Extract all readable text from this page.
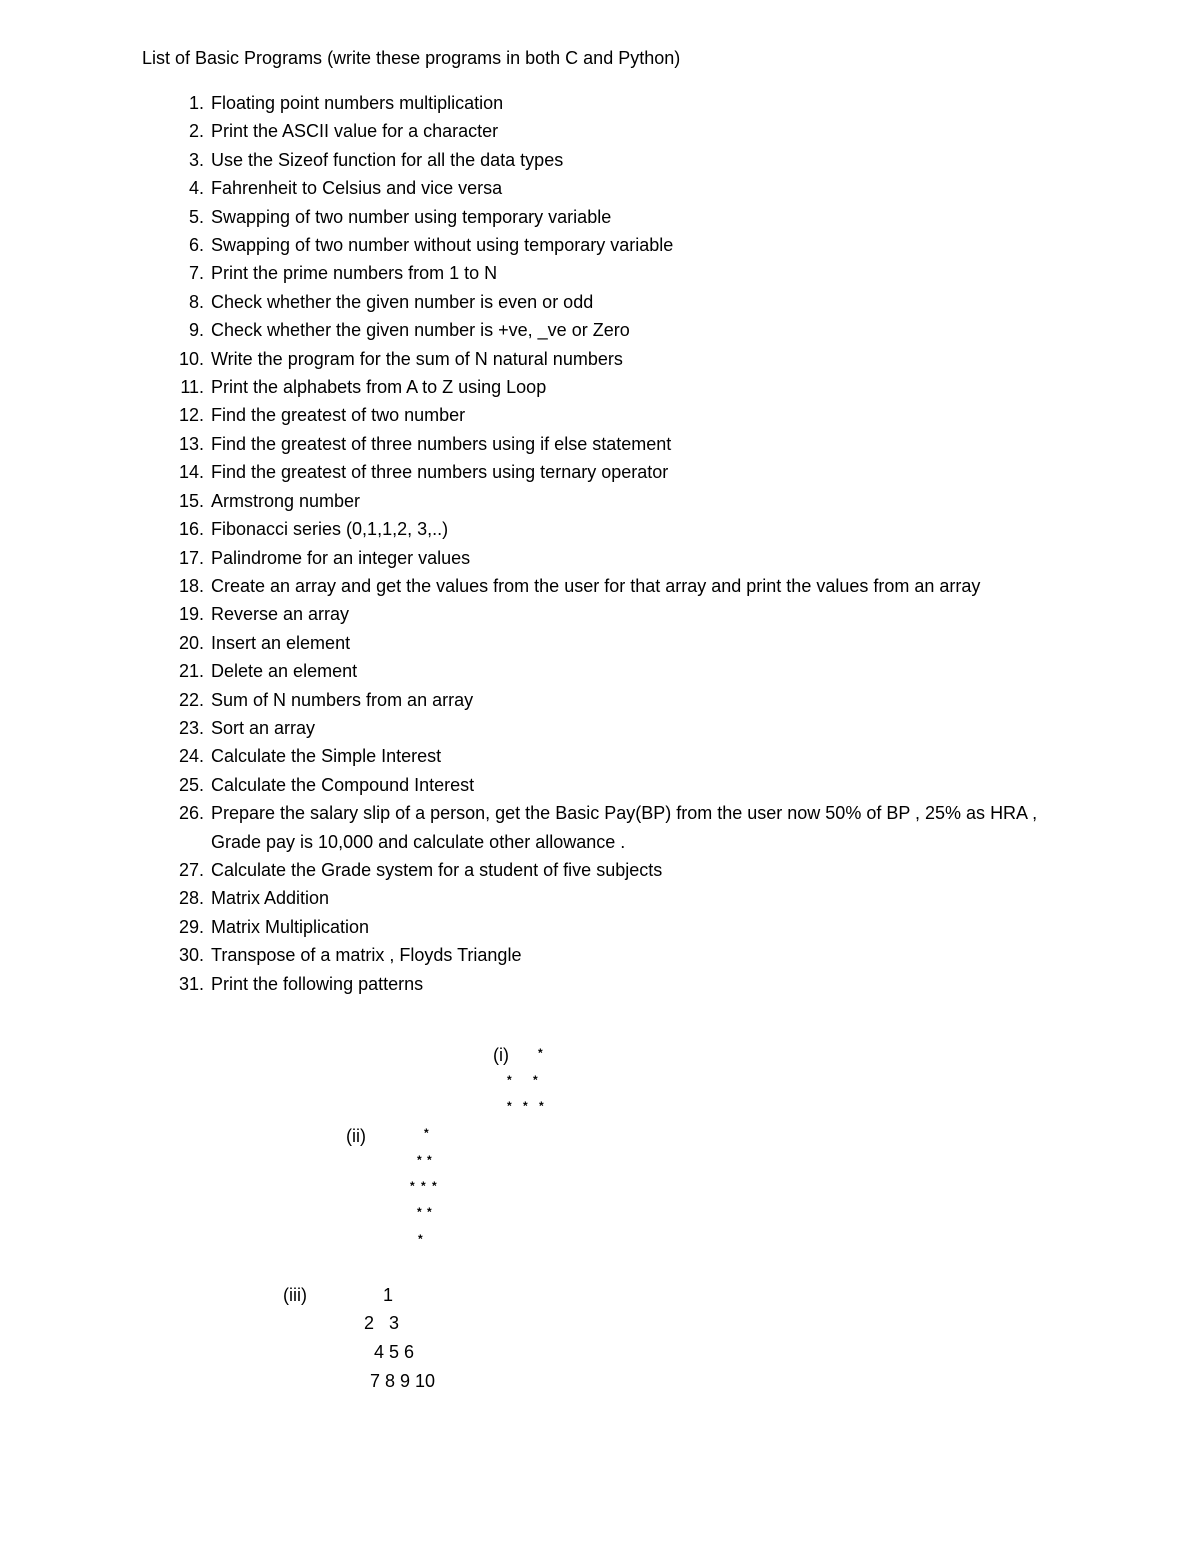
List of Basic Programs (write these programs in both C and Python)
1. Floating point numbers multiplication
2. Print the ASCII value for a character
3. Use the Sizeof function for all the data types
4. Fahrenheit to Celsius and vice versa
5. Swapping of two number using temporary variable
6. Swapping of two number without using temporary variable
7. Print the prime numbers from 1 to N
8. Check whether the given number is even or odd
9. Check whether the given number is +ve, _ve or Zero
10. Write the program for the sum of N natural numbers
11. Print the alphabets from A to Z using Loop
12. Find the greatest of two number
13. Find the greatest of three numbers using if else statement
14. Find the greatest of three numbers using ternary operator
15. Armstrong number
16. Fibonacci series (0,1,1,2, 3,..)
17. Palindrome for an integer values
18. Create an array and get the values from the user for that array and print the values from an array
19. Reverse an array
20. Insert an element
21. Delete an element
22. Sum of N numbers from an array
23. Sort an array
24. Calculate the Simple Interest
25. Calculate the Compound Interest
26. Prepare the salary slip of a person, get the Basic Pay(BP) from the user now 50% of BP , 25% as HRA , Grade pay is 10,000 and calculate other allowance .
27. Calculate the Grade system for a student of five subjects
28. Matrix Addition
29. Matrix Multiplication
30. Transpose of a matrix , Floyds Triangle
31. Print the following patterns
(i) *
* *
* * *
(ii)	*
* *
* * *
* *
*
(iii)	1
2   3
4 5 6
7 8 9 10
